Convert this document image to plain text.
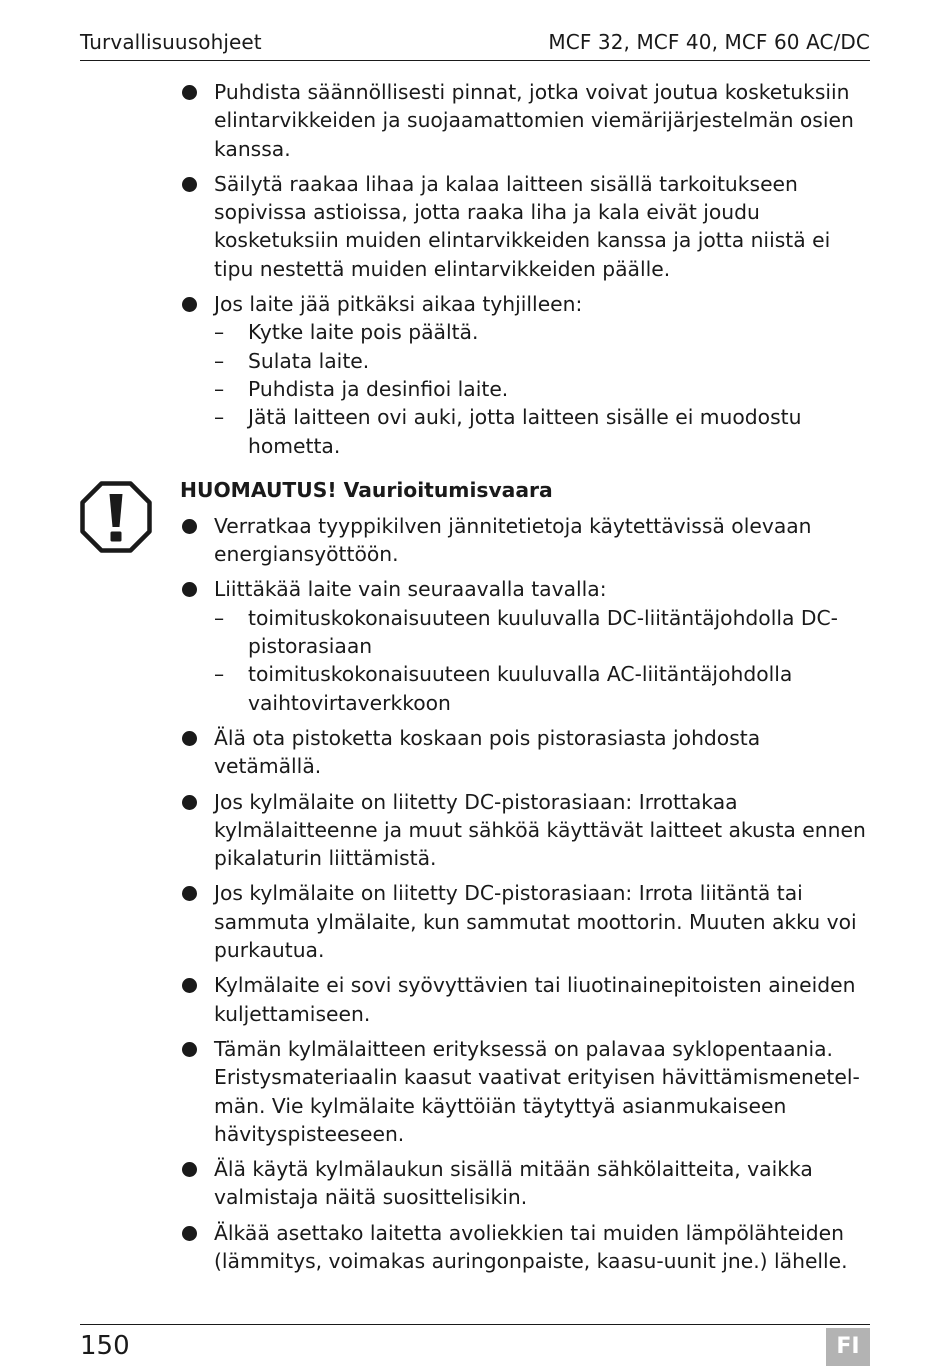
Turvallisuusohjeet	MCF 32, MCF 40, MCF 60 AC/DC
Puhdista säännöllisesti pinnat, jotka voivat joutua kosketuksiin elintarvikkeiden ja suojaamattomien viemärijärjestelmän osien kanssa.
Säilytä raakaa lihaa ja kalaa laitteen sisällä tarkoitukseen sopivissa astioissa, jotta raaka liha ja kala eivät joudu kosketuksiin muiden elintarvikkeiden kanssa ja jotta niistä ei tipu nestettä muiden elintarvikkeiden päälle.
Jos laite jää pitkäksi aikaa tyhjilleen:
– Kytke laite pois päältä.
– Sulata laite.
– Puhdista ja desinfioi laite.
– Jätä laitteen ovi auki, jotta laitteen sisälle ei muodostu hometta.
HUOMAUTUS! Vaurioitumisvaara
Verratkaa tyyppikilven jännitetietoja käytettävissä olevaan energiansyöttöön.
Liittäkää laite vain seuraavalla tavalla:
– toimituskokonaisuuteen kuuluvalla DC-liitäntäjohdolla DC-pistorasiaan
– toimituskokonaisuuteen kuuluvalla AC-liitäntäjohdolla vaihtovirtaverkkoon
Älä ota pistoketta koskaan pois pistorasiasta johdosta vetämällä.
Jos kylmälaite on liitetty DC-pistorasiaan: Irrottakaa kylmälaitteenne ja muut sähköä käyttävät laitteet akusta ennen pikalaturin liittämistä.
Jos kylmälaite on liitetty DC-pistorasiaan: Irrota liitäntä tai sammuta ylmälaite, kun sammutat moottorin. Muuten akku voi purkautua.
Kylmälaite ei sovi syövyttävien tai liuotinainepitoisten aineiden kuljettamiseen.
Tämän kylmälaitteen erityksessä on palavaa syklopentaania. Eristysmateriaalin kaasut vaativat erityisen hävittämismenetelmän. Vie kylmälaite käyttöiän täytyttyä asianmukaiseen hävityspisteeseen.
Älä käytä kylmälaukun sisällä mitään sähkölaitteita, vaikka valmistaja näitä suosittelisikin.
Älkää asettako laitetta avoliekkien tai muiden lämpölähteiden (lämmitys, voimakas auringonpaiste, kaasu-uunit jne.) lähelle.
150	FI
